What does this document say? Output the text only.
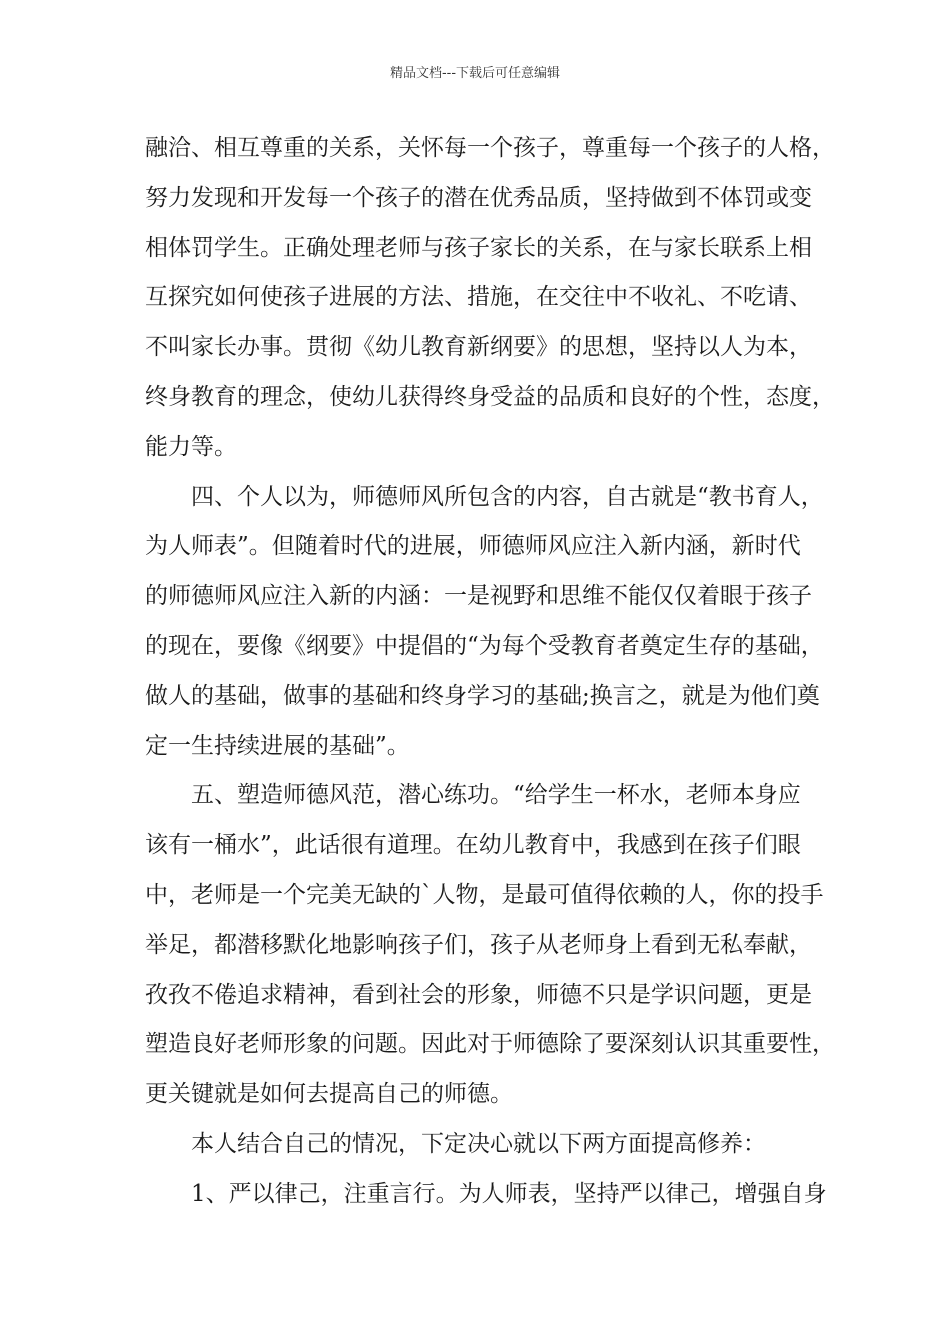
精品文档---下载后可任意编辑
融洽、相互尊重的关系，关怀每一个孩子，尊重每一个孩子的人格，
努力发现和开发每一个孩子的潜在优秀品质，坚持做到不体罚或变
相体罚学生。正确处理老师与孩子家长的关系，在与家长联系上相
互探究如何使孩子进展的方法、措施，在交往中不收礼、不吃请、
不叫家长办事。贯彻《幼儿教育新纲要》的思想，坚持以人为本，
终身教育的理念，使幼儿获得终身受益的品质和良好的个性，态度，
能力等。
四、个人以为，师德师风所包含的内容，自古就是“教书育人，
为人师表”。但随着时代的进展，师德师风应注入新内涵，新时代
的师德师风应注入新的内涵：一是视野和思维不能仅仅着眼于孩子
的现在，要像《纲要》中提倡的“为每个受教育者奠定生存的基础，
做人的基础，做事的基础和终身学习的基础;换言之，就是为他们奠
定一生持续进展的基础”。
五、塑造师德风范，潜心练功。“给学生一杯水，老师本身应
该有一桶水”，此话很有道理。在幼儿教育中，我感到在孩子们眼
中，老师是一个完美无缺的`人物，是最可值得依赖的人，你的投手
举足，都潜移默化地影响孩子们，孩子从老师身上看到无私奉献，
孜孜不倦追求精神，看到社会的形象，师德不只是学识问题，更是
塑造良好老师形象的问题。因此对于师德除了要深刻认识其重要性，
更关键就是如何去提高自己的师德。
本人结合自己的情况，下定决心就以下两方面提高修养：
1、严以律己，注重言行。为人师表，坚持严以律己，增强自身
